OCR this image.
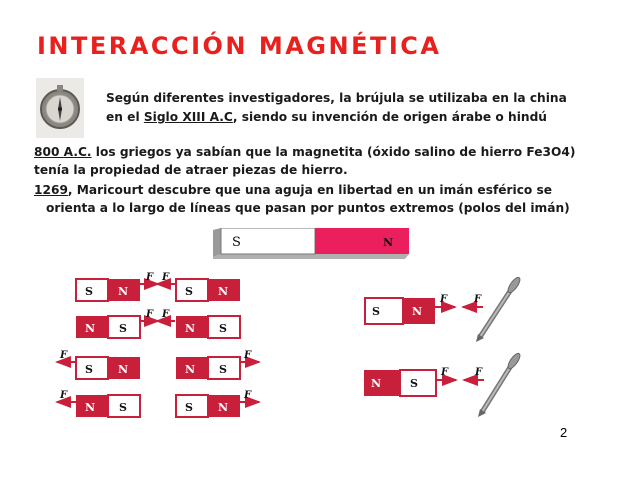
INTERACCIÓN MAGNÉTICA
Según diferentes investigadores, la brújula se utilizaba en la china
en el Siglo XIII A.C, siendo su invención de origen árabe o hindú
800 A.C. los griegos ya sabían que la magnetita (óxido salino de hierro Fe3O4)
tenía la propiedad de atraer piezas de hierro.
1269, Maricourt descubre que una aguja en libertad en un imán esférico se
orienta a lo largo de líneas que pasan por puntos extremos (polos del imán)
S	N
S N
F F
S N
N S
F F
N S
F
S N	N S
F
F
N S	S N
F
S	N
F	F
N	S
F	F
2
